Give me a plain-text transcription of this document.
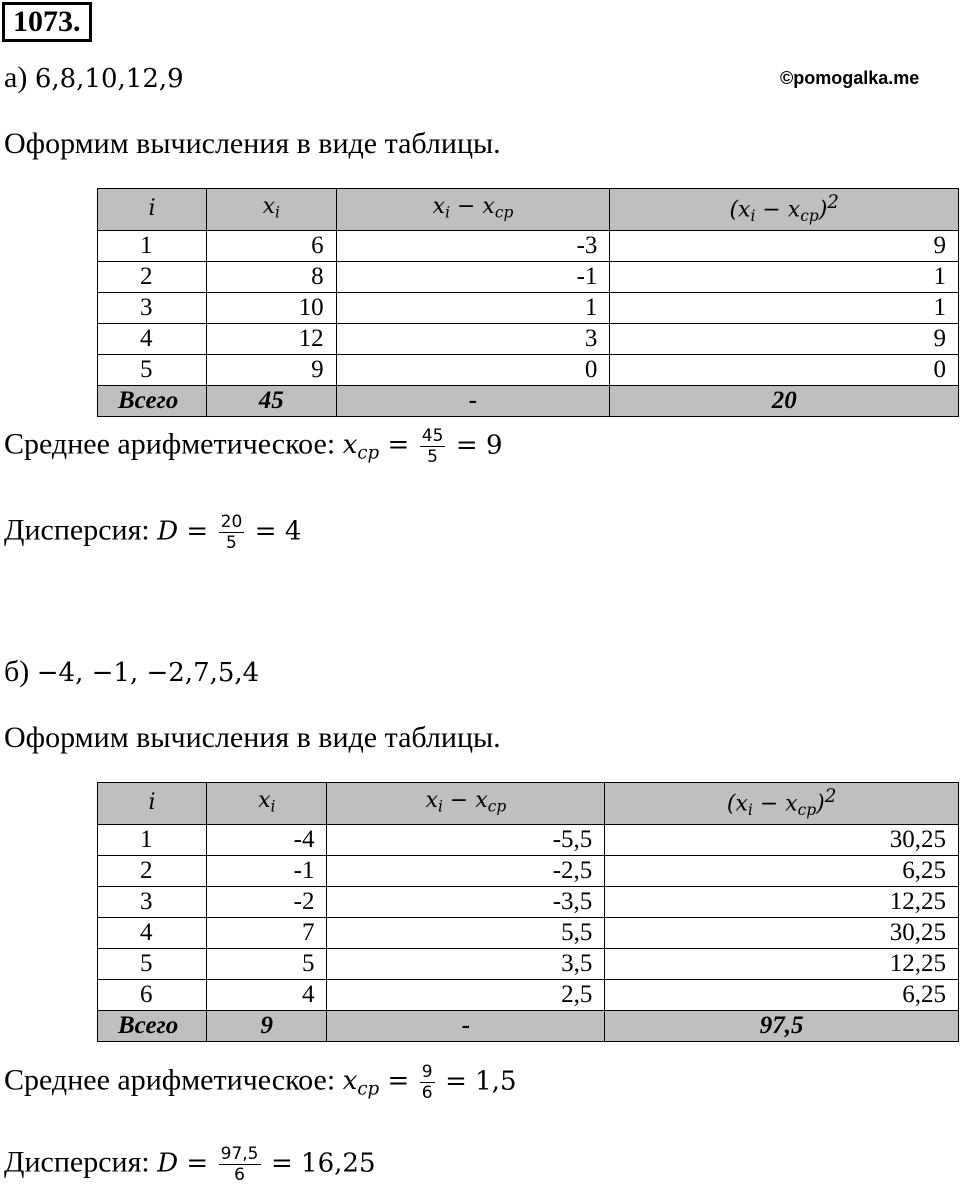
1073.
©pomogalka.me
а) 6,8,10,12,9
Оформим вычисления в виде таблицы.
i	$x_i$	$x_i - x_{ср}$	$(x_i - x_{ср})^2$
1	6	-3	9
2	8	-1	1
3	10	1	1
4	12	3	9
5	9	0	0
Всего	45	-	20
Среднее арифметическое: $x_{ср} = \frac{45}{5} = 9$
Дисперсия: $D = \frac{20}{5} = 4$
б) −4, −1, −2,7,5,4
Оформим вычисления в виде таблицы.
i	$x_i$	$x_i - x_{ср}$	$(x_i - x_{ср})^2$
1	-4	-5,5	30,25
2	-1	-2,5	6,25
3	-2	-3,5	12,25
4	7	5,5	30,25
5	5	3,5	12,25
6	4	2,5	6,25
Всего	9	-	97,5
Среднее арифметическое: $x_{ср} = \frac{9}{6} = 1,5$
Дисперсия: $D = \frac{97,5}{6} = 16,25$
